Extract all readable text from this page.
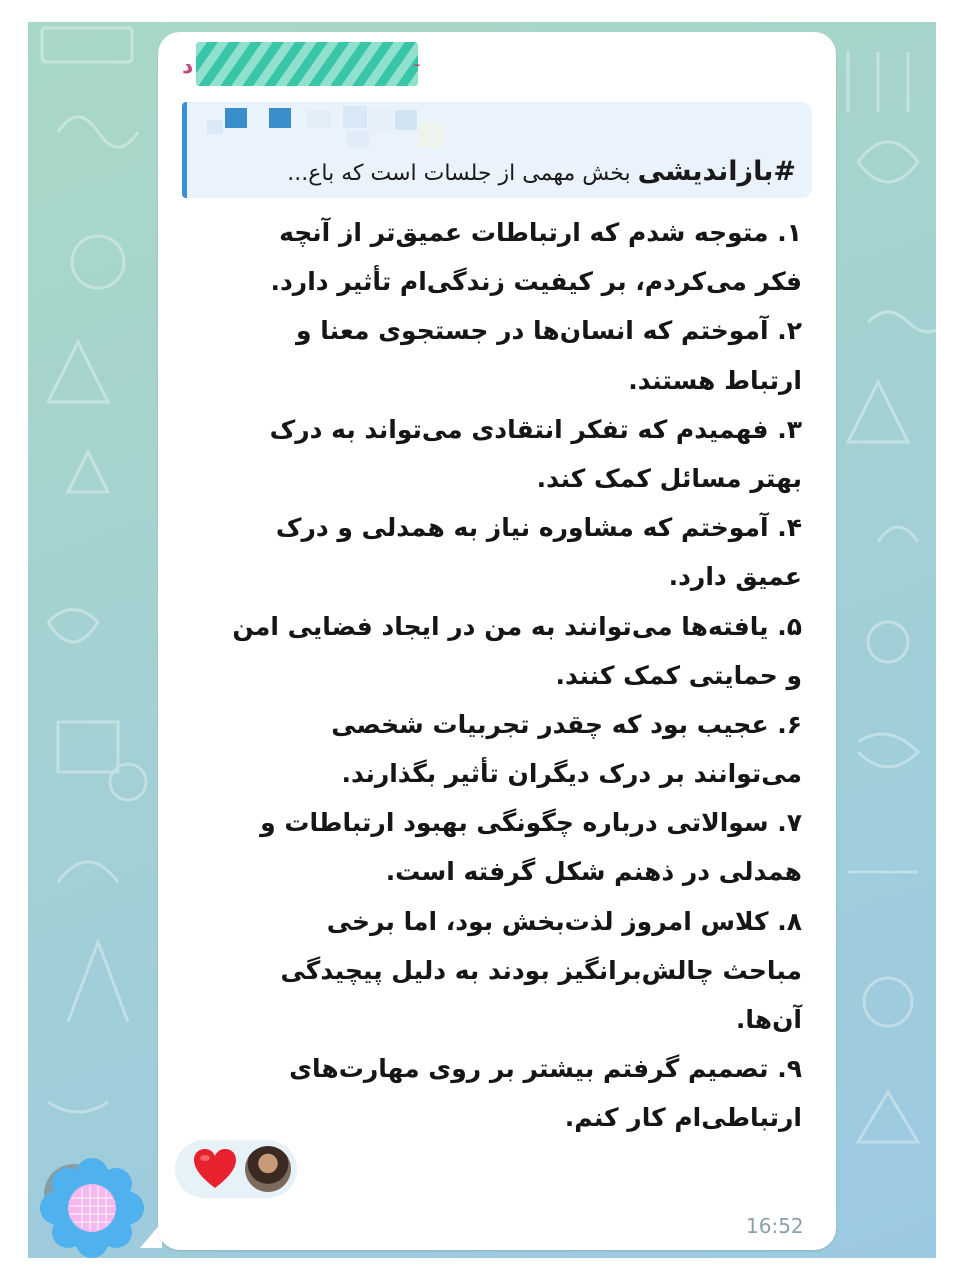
د	ـ
#بازاندیشی بخش مهمی از جلسات است که باع...
۱. متوجه شدم که ارتباطات عمیق‌تر از آنچه
فکر می‌کردم، بر کیفیت زندگی‌ام تأثیر دارد.
۲. آموختم که انسان‌ها در جستجوی معنا و
ارتباط هستند.
۳. فهمیدم که تفکر انتقادی می‌تواند به درک
بهتر مسائل کمک کند.
۴. آموختم که مشاوره نیاز به همدلی و درک
عمیق دارد.
۵. یافته‌ها می‌توانند به من در ایجاد فضایی امن
و حمایتی کمک کنند.
۶. عجیب بود که چقدر تجربیات شخصی
می‌توانند بر درک دیگران تأثیر بگذارند.
۷. سوالاتی درباره چگونگی بهبود ارتباطات و
همدلی در ذهنم شکل گرفته است.
۸. کلاس امروز لذت‌بخش بود، اما برخی
مباحث چالش‌برانگیز بودند به دلیل پیچیدگی
آن‌ها.
۹. تصمیم گرفتم بیشتر بر روی مهارت‌های
ارتباطی‌ام کار کنم.
16:52
